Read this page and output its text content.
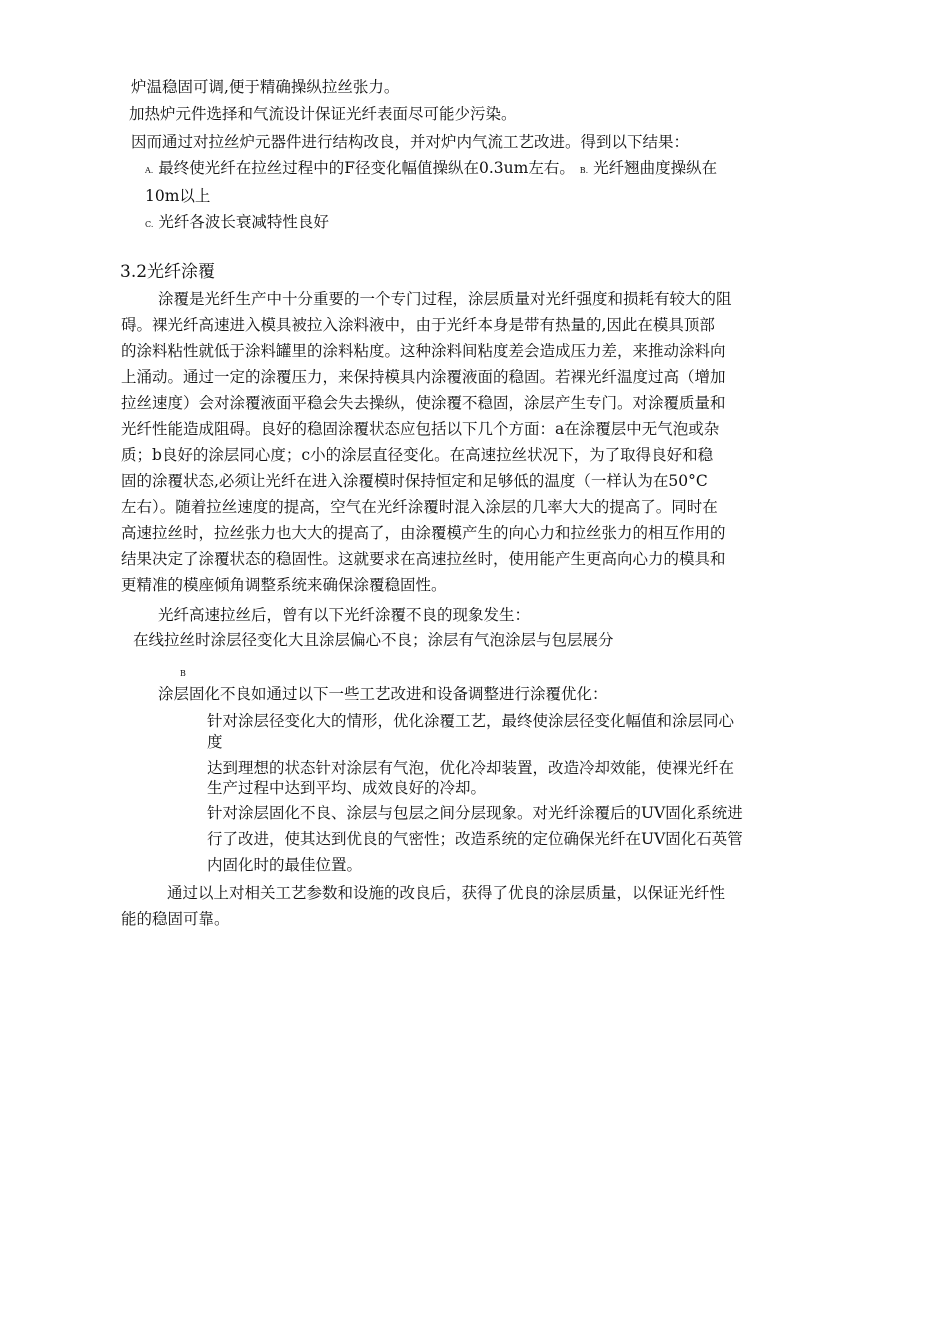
炉温稳固可调,便于精确操纵拉丝张力。
加热炉元件选择和气流设计保证光纤表面尽可能少污染。
因而通过对拉丝炉元器件进行结构改良，并对炉内气流工艺改进。得到以下结果：
A. 最终使光纤在拉丝过程中的F径变化幅值操纵在0.3um左右。 B. 光纤翘曲度操纵在
10m以上
C. 光纤各波长衰减特性良好
3.2光纤涂覆
涂覆是光纤生产中十分重要的一个专门过程，涂层质量对光纤强度和损耗有较大的阻
碍。裸光纤高速进入模具被拉入涂料液中，由于光纤本身是带有热量的,因此在模具顶部
的涂料粘性就低于涂料罐里的涂料粘度。这种涂料间粘度差会造成压力差，来推动涂料向
上涌动。通过一定的涂覆压力，来保持模具内涂覆液面的稳固。若裸光纤温度过高（增加
拉丝速度）会对涂覆液面平稳会失去操纵，使涂覆不稳固，涂层产生专门。对涂覆质量和
光纤性能造成阻碍。良好的稳固涂覆状态应包括以下几个方面：a在涂覆层中无气泡或杂
质；b良好的涂层同心度；c小的涂层直径变化。在高速拉丝状况下，为了取得良好和稳
固的涂覆状态,必须让光纤在进入涂覆模时保持恒定和足够低的温度（一样认为在50°C
左右）。随着拉丝速度的提高，空气在光纤涂覆时混入涂层的几率大大的提高了。同时在
高速拉丝时，拉丝张力也大大的提高了，由涂覆模产生的向心力和拉丝张力的相互作用的
结果决定了涂覆状态的稳固性。这就要求在高速拉丝时，使用能产生更高向心力的模具和
更精准的模座倾角调整系统来确保涂覆稳固性。
光纤高速拉丝后，曾有以下光纤涂覆不良的现象发生：
在线拉丝时涂层径变化大且涂层偏心不良；涂层有气泡涂层与包层展分
B
涂层固化不良如通过以下一些工艺改进和设备调整进行涂覆优化：
针对涂层径变化大的情形，优化涂覆工艺，最终使涂层径变化幅值和涂层同心
度
达到理想的状态针对涂层有气泡，优化冷却装置，改造冷却效能，使裸光纤在
生产过程中达到平均、成效良好的冷却。
针对涂层固化不良、涂层与包层之间分层现象。对光纤涂覆后的UV固化系统进
行了改进，使其达到优良的气密性；改造系统的定位确保光纤在UV固化石英管
内固化时的最佳位置。
通过以上对相关工艺参数和设施的改良后，获得了优良的涂层质量，以保证光纤性
能的稳固可靠。
